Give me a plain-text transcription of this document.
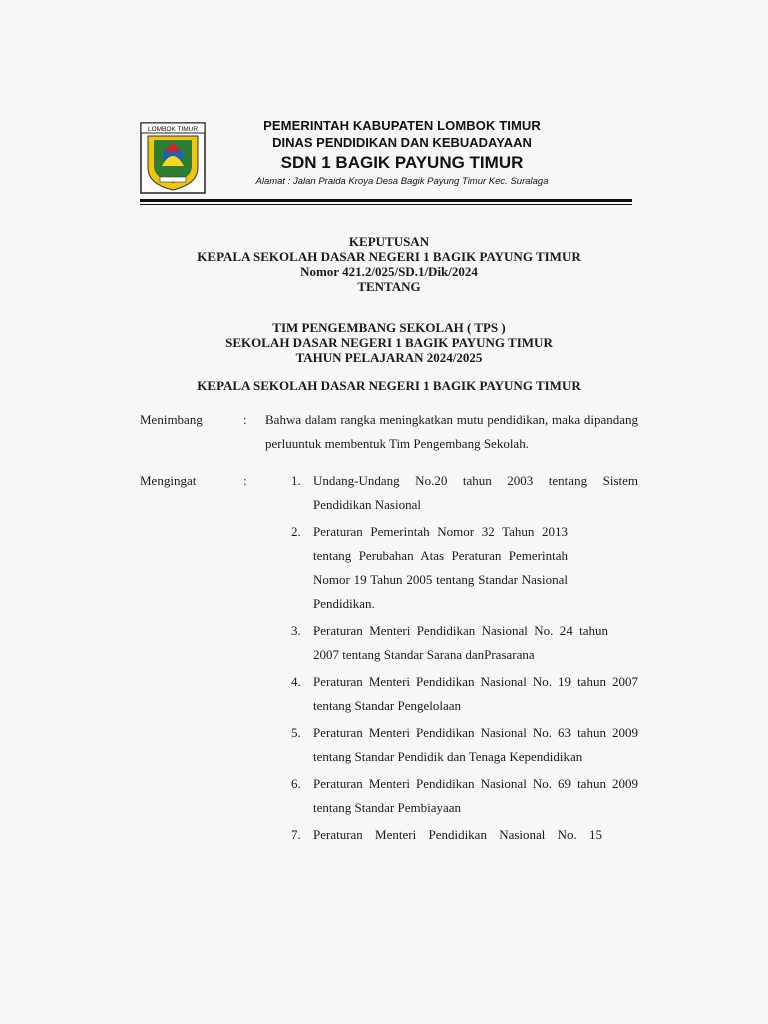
LOMBOK TIMUR	PEMERINTAH KABUPATEN LOMBOK TIMUR
DINAS PENDIDIKAN DAN KEBUADAYAAN
SDN 1 BAGIK PAYUNG TIMUR
Alamat : Jalan Praida Kroya Desa Bagik Payung Timur Kec. Suralaga
KEPUTUSAN
KEPALA SEKOLAH DASAR NEGERI 1 BAGIK PAYUNG TIMUR
Nomor 421.2/025/SD.1/Dik/2024
TENTANG
TIM PENGEMBANG SEKOLAH ( TPS )
SEKOLAH DASAR NEGERI 1 BAGIK PAYUNG TIMUR
TAHUN PELAJARAN 2024/2025
KEPALA SEKOLAH DASAR NEGERI 1 BAGIK PAYUNG TIMUR
Menimbang	: Bahwa dalam rangka meningkatkan mutu pendidikan, maka dipandang perluuntuk membentuk Tim Pengembang Sekolah.
Mengingat	:	1. Undang-Undang No.20 tahun 2003 tentang Sistem Pendidikan Nasional
2. Peraturan Pemerintah Nomor 32 Tahun 2013 tentang Perubahan Atas Peraturan Pemerintah Nomor 19 Tahun 2005 tentang Standar Nasional Pendidikan.
3. Peraturan Menteri Pendidikan Nasional No. 24 tahun 2007 tentang Standar Sarana danPrasarana
4. Peraturan Menteri Pendidikan Nasional No. 19 tahun 2007 tentang Standar Pengelolaan
5. Peraturan Menteri Pendidikan Nasional No. 63 tahun 2009 tentang Standar Pendidik dan Tenaga Kependidikan
6. Peraturan Menteri Pendidikan Nasional No. 69 tahun 2009 tentang Standar Pembiayaan
7. Peraturan Menteri Pendidikan Nasional No. 15
